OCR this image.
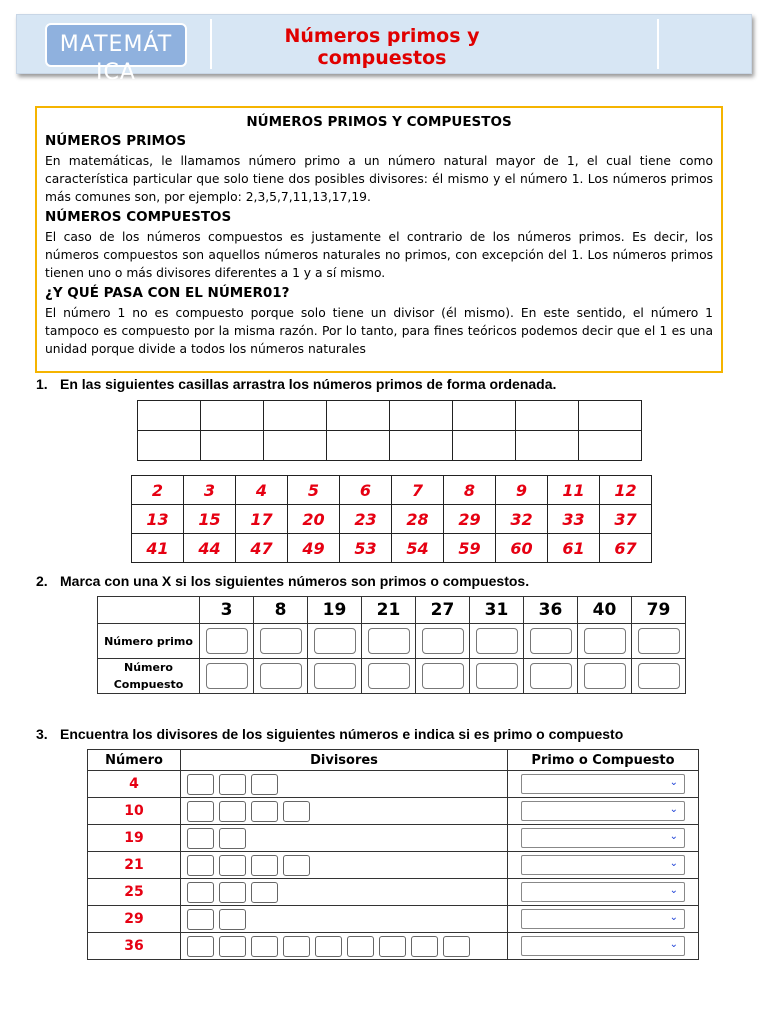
MATEMÁT ICA
Números primos y compuestos
NÚMEROS PRIMOS Y COMPUESTOS
NÚMEROS PRIMOS

En matemáticas, le llamamos número primo a un número natural mayor de 1, el cual tiene como característica particular que solo tiene dos posibles divisores: él mismo y el número 1. Los números primos más comunes son, por ejemplo: 2,3,5,7,11,13,17,19.

NÚMEROS COMPUESTOS

El caso de los números compuestos es justamente el contrario de los números primos. Es decir, los números compuestos son aquellos números naturales no primos, con excepción del 1. Los números primos tienen uno o más divisores diferentes a 1 y a sí mismo.

¿Y QUÉ PASA CON EL NÚMER01?

El número 1 no es compuesto porque solo tiene un divisor (él mismo). En este sentido, el número 1 tampoco es compuesto por la misma razón. Por lo tanto, para fines teóricos podemos decir que el 1 es una unidad porque divide a todos los números naturales

1. En las siguientes casillas arrastra los números primos de forma ordenada.

2	3	4	5	6	7	8	9	11	12
13	15	17	20	23	28	29	32	33	37
41	44	47	49	53	54	59	60	61	67
2. Marca con una X si los siguientes números son primos o compuestos.
	3	8	19	21	27	31	36	40	79
Número primo									
Número Compuesto									
3. Encuentra los divisores de los siguientes números e indica si es primo o compuesto
Número	Divisores	Primo o Compuesto
4		⌄

10		⌄

19		⌄

21		⌄

25		⌄

29		⌄

36		⌄
